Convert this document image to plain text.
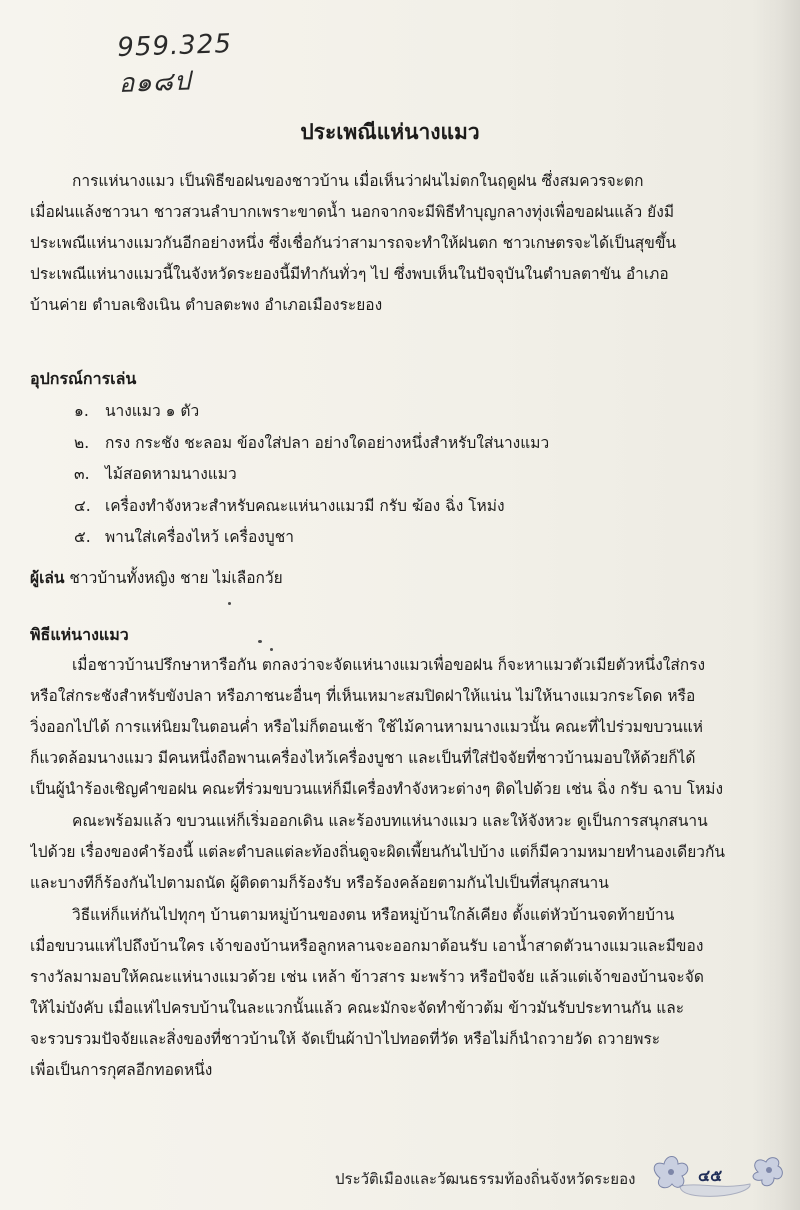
959.325
อ๑๘ป
ประเพณีแห่นางแมว
การแห่นางแมว เป็นพิธีขอฝนของชาวบ้าน เมื่อเห็นว่าฝนไม่ตกในฤดูฝน ซึ่งสมควรจะตก
เมื่อฝนแล้งชาวนา ชาวสวนลำบากเพราะขาดน้ำ นอกจากจะมีพิธีทำบุญกลางทุ่งเพื่อขอฝนแล้ว ยังมี
ประเพณีแห่นางแมวกันอีกอย่างหนึ่ง ซึ่งเชื่อกันว่าสามารถจะทำให้ฝนตก ชาวเกษตรจะได้เป็นสุขขึ้น
ประเพณีแห่นางแมวนี้ในจังหวัดระยองนี้มีทำกันทั่วๆ ไป ซึ่งพบเห็นในปัจจุบันในตำบลตาขัน อำเภอ
บ้านค่าย ตำบลเชิงเนิน ตำบลตะพง อำเภอเมืองระยอง
อุปกรณ์การเล่น
๑. นางแมว ๑ ตัว
๒. กรง กระชัง ชะลอม ข้องใส่ปลา อย่างใดอย่างหนึ่งสำหรับใส่นางแมว
๓. ไม้สอดหามนางแมว
๔. เครื่องทำจังหวะสำหรับคณะแห่นางแมวมี กรับ ฆ้อง ฉิ่ง โหม่ง
๕. พานใส่เครื่องไหว้ เครื่องบูชา
ผู้เล่น ชาวบ้านทั้งหญิง ชาย ไม่เลือกวัย
พิธีแห่นางแมว
เมื่อชาวบ้านปรึกษาหารือกัน ตกลงว่าจะจัดแห่นางแมวเพื่อขอฝน ก็จะหาแมวตัวเมียตัวหนึ่งใส่กรง
หรือใส่กระชังสำหรับขังปลา หรือภาชนะอื่นๆ ที่เห็นเหมาะสมปิดฝาให้แน่น ไม่ให้นางแมวกระโดด หรือ
วิ่งออกไปได้ การแห่นิยมในตอนค่ำ หรือไม่ก็ตอนเช้า ใช้ไม้คานหามนางแมวนั้น คณะที่ไปร่วมขบวนแห่
ก็แวดล้อมนางแมว มีคนหนึ่งถือพานเครื่องไหว้เครื่องบูชา และเป็นที่ใส่ปัจจัยที่ชาวบ้านมอบให้ด้วยก็ได้
เป็นผู้นำร้องเชิญคำขอฝน คณะที่ร่วมขบวนแห่ก็มีเครื่องทำจังหวะต่างๆ ติดไปด้วย เช่น ฉิ่ง กรับ ฉาบ โหม่ง
คณะพร้อมแล้ว ขบวนแห่ก็เริ่มออกเดิน และร้องบทแห่นางแมว และให้จังหวะ ดูเป็นการสนุกสนาน
ไปด้วย เรื่องของคำร้องนี้ แต่ละตำบลแต่ละท้องถิ่นดูจะผิดเพี้ยนกันไปบ้าง แต่ก็มีความหมายทำนองเดียวกัน
และบางทีก็ร้องกันไปตามถนัด ผู้ติดตามก็ร้องรับ หรือร้องคล้อยตามกันไปเป็นที่สนุกสนาน
วิธีแห่ก็แห่กันไปทุกๆ บ้านตามหมู่บ้านของตน หรือหมู่บ้านใกล้เคียง ตั้งแต่หัวบ้านจดท้ายบ้าน
เมื่อขบวนแห่ไปถึงบ้านใคร เจ้าของบ้านหรือลูกหลานจะออกมาต้อนรับ เอาน้ำสาดตัวนางแมวและมีของ
รางวัลมามอบให้คณะแห่นางแมวด้วย เช่น เหล้า ข้าวสาร มะพร้าว หรือปัจจัย แล้วแต่เจ้าของบ้านจะจัด
ให้ไม่บังคับ เมื่อแห่ไปครบบ้านในละแวกนั้นแล้ว คณะมักจะจัดทำข้าวต้ม ข้าวมันรับประทานกัน และ
จะรวบรวมปัจจัยและสิ่งของที่ชาวบ้านให้ จัดเป็นผ้าป่าไปทอดที่วัด หรือไม่ก็นำถวายวัด ถวายพระ
เพื่อเป็นการกุศลอีกทอดหนึ่ง
ประวัติเมืองและวัฒนธรรมท้องถิ่นจังหวัดระยอง	๔๕
